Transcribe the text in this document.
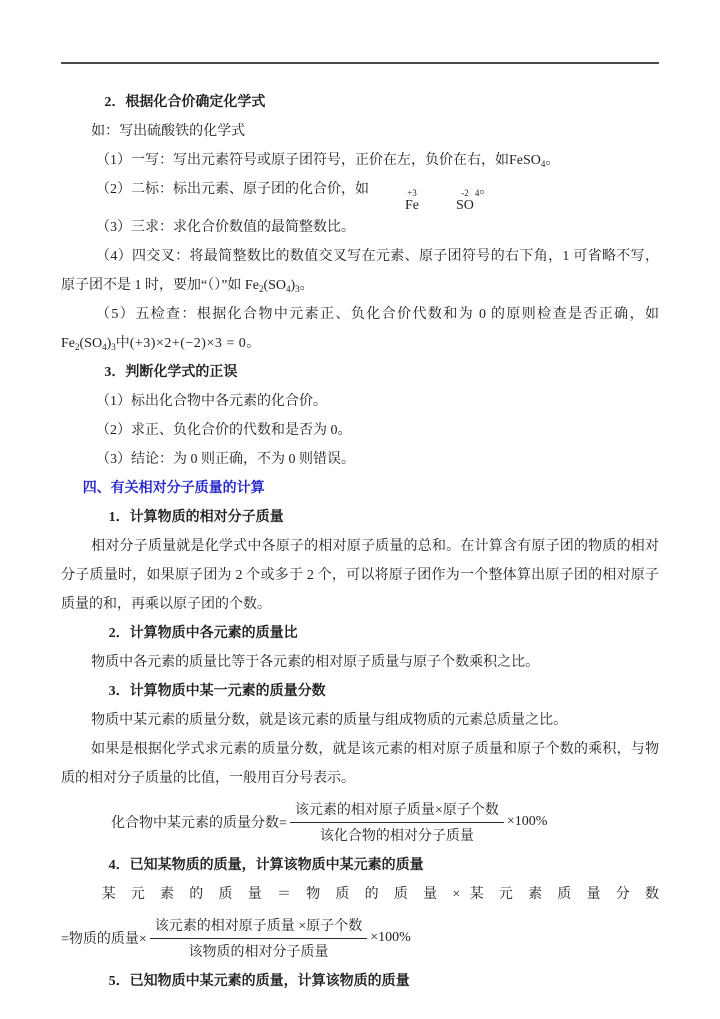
2．根据化合价确定化学式

如：写出硫酸铁的化学式

（1）一写：写出元素符号或原子团符号，正价在左，负价在右，如FeSO$_4$。

（2）二标：标出元素、原子团的化合价，如	+3
Fe
-2
SO
$_4$。

（3）三求：求化合价数值的最简整数比。

（4）四交叉：将最简整数比的数值交叉写在元素、原子团符号的右下角，1 可省略不写，原子团不是 1 时，要加“（）”如 $Fe_2(SO_4)_3$。

（5）五检查：根据化合物中元素正、负化合价代数和为 0 的原则检查是否正确，如 $Fe_2(SO_4)_3$中(+3)×2+(−2)×3 = 0。

3．判断化学式的正误

（1）标出化合物中各元素的化合价。

（2）求正、负化合价的代数和是否为 0。

（3）结论：为 0 则正确，不为 0 则错误。

四、有关相对分子质量的计算

1．计算物质的相对分子质量

相对分子质量就是化学式中各原子的相对原子质量的总和。在计算含有原子团的物质的相对分子质量时，如果原子团为 2 个或多于 2 个，可以将原子团作为一个整体算出原子团的相对原子质量的和，再乘以原子团的个数。

2．计算物质中各元素的质量比

物质中各元素的质量比等于各元素的相对原子质量与原子个数乘积之比。

3．计算物质中某一元素的质量分数

物质中某元素的质量分数，就是该元素的质量与组成物质的元素总质量之比。

如果是根据化学式求元素的质量分数，就是该元素的相对原子质量和原子个数的乘积，与物质的相对分子质量的比值，一般用百分号表示。

化合物中某元素的质量分数= $\frac{\text{该元素的相对原子质量×原子个数}}{\text{该化合物的相对分子质量}} \times 100\%$

4．已知某物质的质量，计算该物质中某元素的质量

某 元 素 的 质 量 ＝ 物 质 的 质 量 × 某 元 素 质 量 分 数

=物质的质量× $\frac{\text{该元素的相对原子质量 ×原子个数}}{\text{该物质的相对分子质量}} \times 100\%$

5．已知物质中某元素的质量，计算该物质的质量
